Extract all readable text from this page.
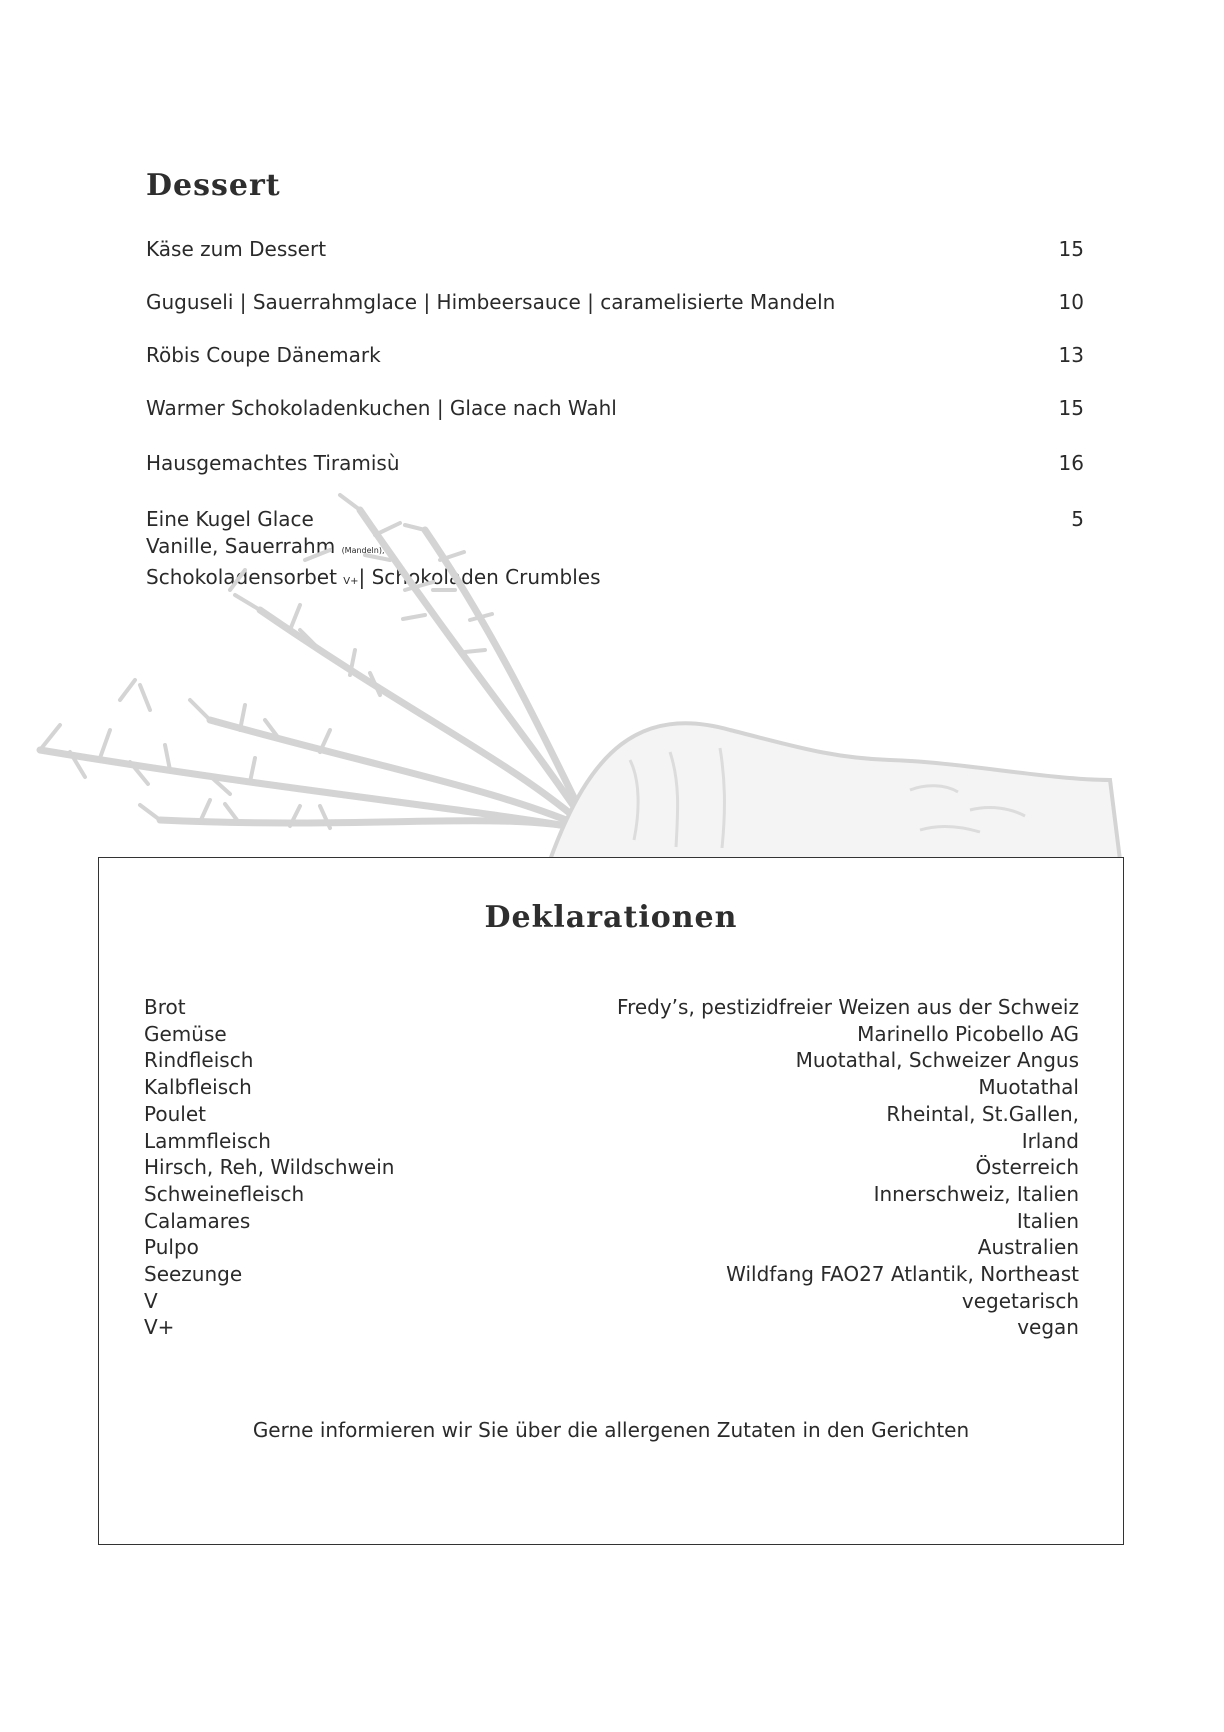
Dessert
Käse zum Dessert	15
Guguseli | Sauerrahmglace | Himbeersauce | caramelisierte Mandeln	10
Röbis Coupe Dänemark	13
Warmer Schokoladenkuchen | Glace nach Wahl	15
Hausgemachtes Tiramisù	16
Eine Kugel Glace	5
Vanille, Sauerrahm (Mandeln),
Schokoladensorbet V+| Schokoladen Crumbles
Deklarationen
Brot	Fredy’s, pestizidfreier Weizen aus der Schweiz
Gemüse	Marinello Picobello AG
Rindfleisch	Muotathal, Schweizer Angus
Kalbfleisch	Muotathal
Poulet	Rheintal, St.Gallen,
Lammfleisch	Irland
Hirsch, Reh, Wildschwein	Österreich
Schweinefleisch	Innerschweiz, Italien
Calamares	Italien
Pulpo	Australien
Seezunge	Wildfang FAO27 Atlantik, Northeast
V	vegetarisch
V+	vegan
Gerne informieren wir Sie über die allergenen Zutaten in den Gerichten
